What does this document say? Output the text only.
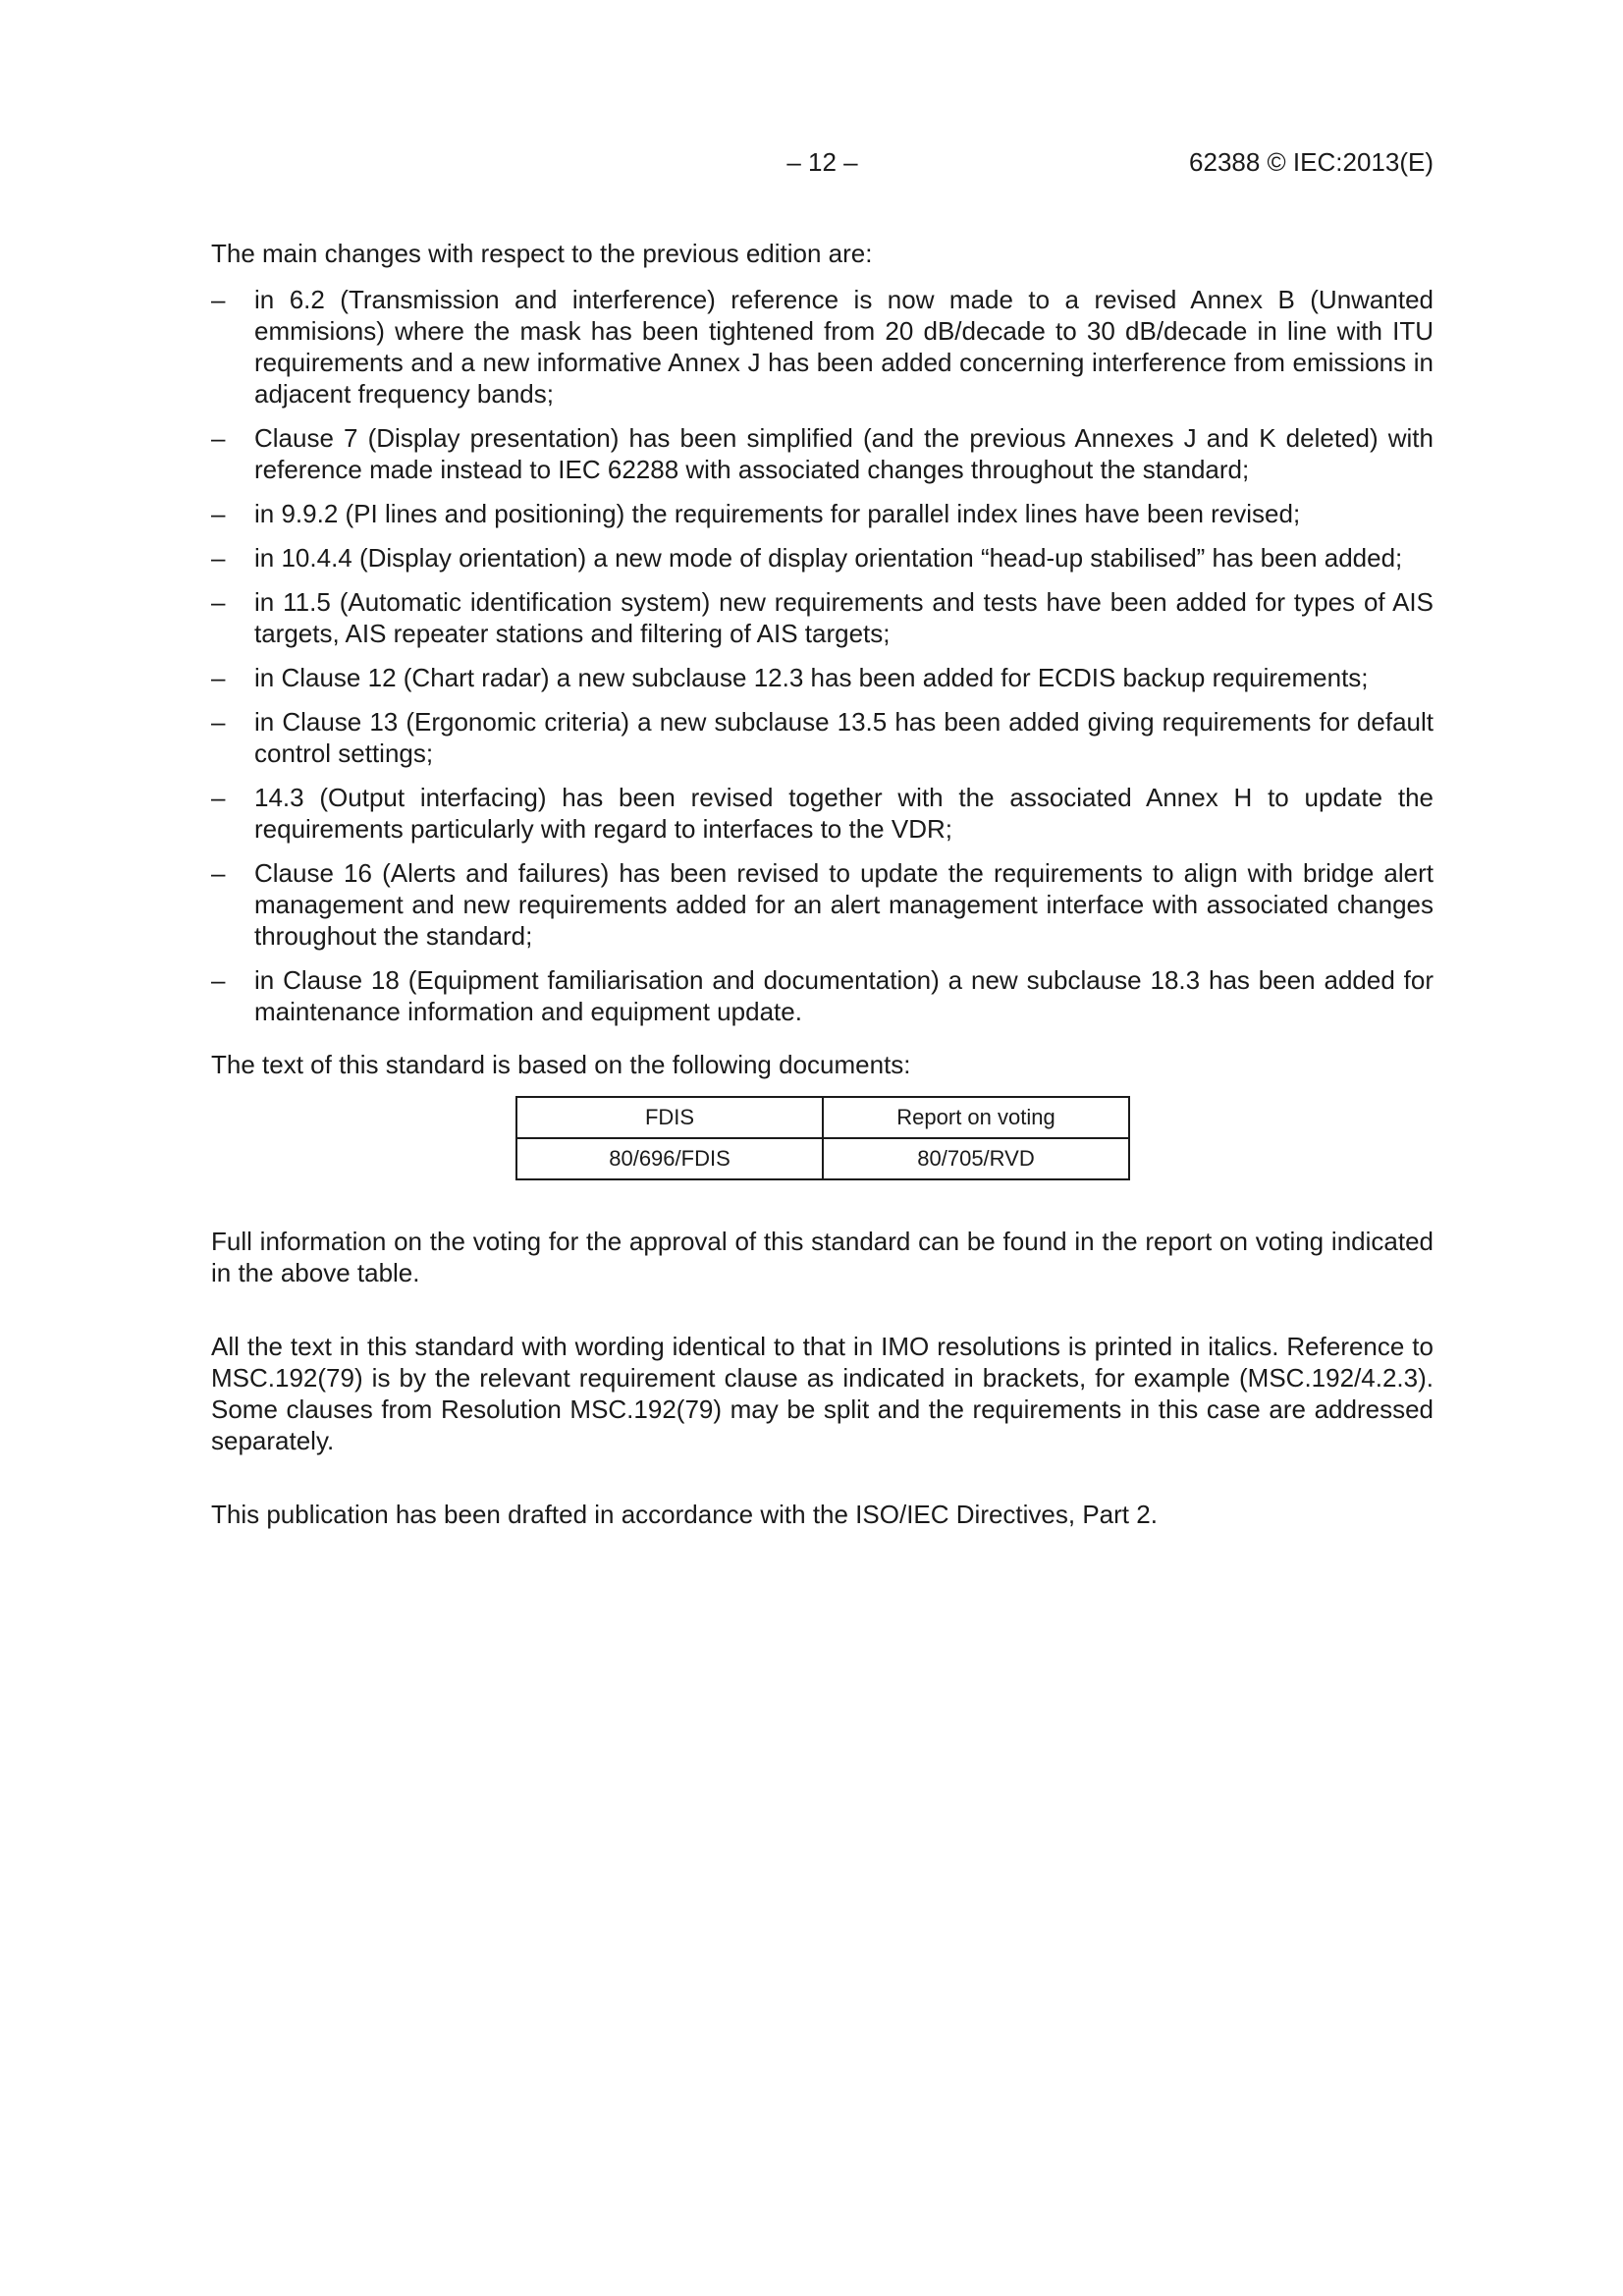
– 12 –	62388 © IEC:2013(E)

The main changes with respect to the previous edition are:

– in 6.2 (Transmission and interference) reference is now made to a revised Annex B (Unwanted emmisions) where the mask has been tightened from 20 dB/decade to 30 dB/decade in line with ITU requirements and a new informative Annex J has been added concerning interference from emissions in adjacent frequency bands;
– Clause 7 (Display presentation) has been simplified (and the previous Annexes J and K deleted) with reference made instead to IEC 62288 with associated changes throughout the standard;
– in 9.9.2 (PI lines and positioning) the requirements for parallel index lines have been revised;
– in 10.4.4 (Display orientation) a new mode of display orientation “head-up stabilised” has been added;
– in 11.5 (Automatic identification system) new requirements and tests have been added for types of AIS targets, AIS repeater stations and filtering of AIS targets;
– in Clause 12 (Chart radar) a new subclause 12.3 has been added for ECDIS backup requirements;
– in Clause 13 (Ergonomic criteria) a new subclause 13.5 has been added giving requirements for default control settings;
– 14.3 (Output interfacing) has been revised together with the associated Annex H to update the requirements particularly with regard to interfaces to the VDR;
– Clause 16 (Alerts and failures) has been revised to update the requirements to align with bridge alert management and new requirements added for an alert management interface with associated changes throughout the standard;
– in Clause 18 (Equipment familiarisation and documentation) a new subclause 18.3 has been added for maintenance information and equipment update.

The text of this standard is based on the following documents:

FDIS	Report on voting
80/696/FDIS	80/705/RVD

Full information on the voting for the approval of this standard can be found in the report on voting indicated in the above table.

All the text in this standard with wording identical to that in IMO resolutions is printed in italics. Reference to MSC.192(79) is by the relevant requirement clause as indicated in brackets, for example (MSC.192/4.2.3). Some clauses from Resolution MSC.192(79) may be split and the requirements in this case are addressed separately.

This publication has been drafted in accordance with the ISO/IEC Directives, Part 2.
